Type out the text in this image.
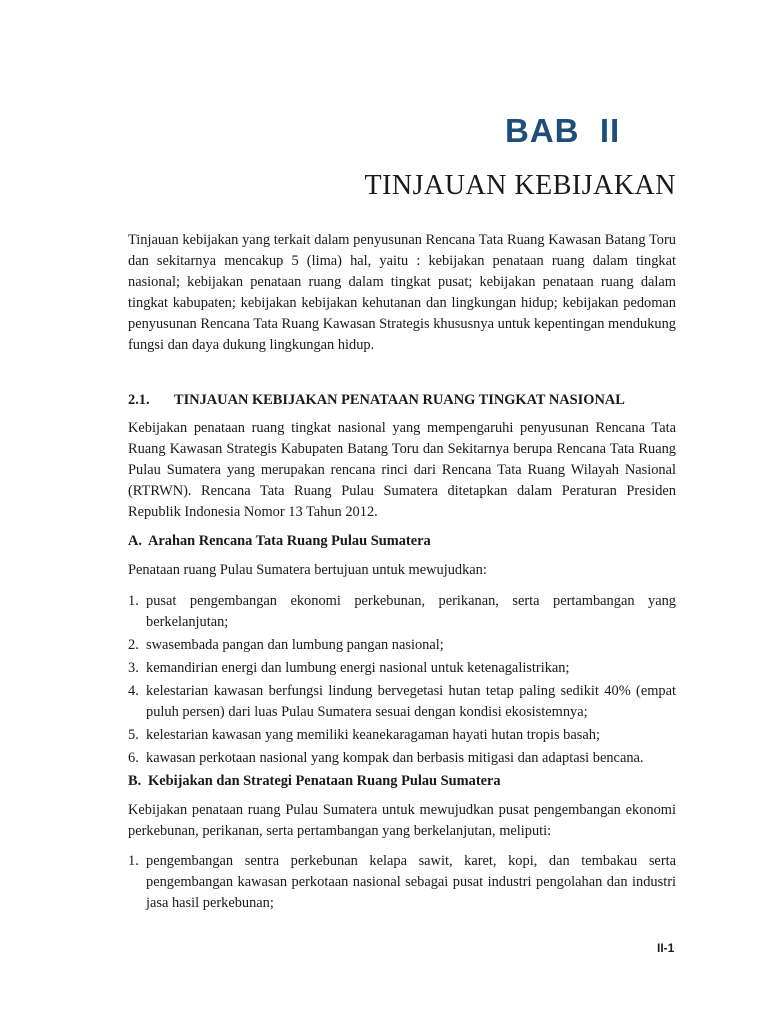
BAB  II
TINJAUAN KEBIJAKAN

Tinjauan kebijakan yang terkait dalam penyusunan Rencana Tata Ruang Kawasan Batang Toru dan sekitarnya mencakup 5 (lima) hal, yaitu : kebijakan penataan ruang dalam tingkat nasional; kebijakan penataan ruang dalam tingkat pusat; kebijakan penataan ruang dalam tingkat kabupaten; kebijakan kebijakan kehutanan dan lingkungan hidup; kebijakan pedoman penyusunan Rencana Tata Ruang Kawasan Strategis khususnya untuk kepentingan mendukung fungsi dan daya dukung lingkungan hidup.

2.1.	TINJAUAN KEBIJAKAN PENATAAN RUANG TINGKAT NASIONAL

Kebijakan penataan ruang tingkat nasional yang mempengaruhi penyusunan Rencana Tata Ruang Kawasan Strategis Kabupaten Batang Toru dan Sekitarnya berupa Rencana Tata Ruang Pulau Sumatera yang merupakan rencana rinci dari Rencana Tata Ruang Wilayah Nasional (RTRWN). Rencana Tata Ruang Pulau Sumatera ditetapkan dalam Peraturan Presiden Republik Indonesia Nomor 13 Tahun 2012.

A. Arahan Rencana Tata Ruang Pulau Sumatera

Penataan ruang Pulau Sumatera bertujuan untuk mewujudkan:

1. pusat pengembangan ekonomi perkebunan, perikanan, serta pertambangan yang berkelanjutan;
2. swasembada pangan dan lumbung pangan nasional;
3. kemandirian energi dan lumbung energi nasional untuk ketenagalistrikan;
4. kelestarian kawasan berfungsi lindung bervegetasi hutan tetap paling sedikit 40% (empat puluh persen) dari luas Pulau Sumatera sesuai dengan kondisi ekosistemnya;
5. kelestarian kawasan yang memiliki keanekaragaman hayati hutan tropis basah;
6. kawasan perkotaan nasional yang kompak dan berbasis mitigasi dan adaptasi bencana.
B. Kebijakan dan Strategi Penataan Ruang Pulau Sumatera

Kebijakan penataan ruang Pulau Sumatera untuk mewujudkan pusat pengembangan ekonomi perkebunan, perikanan, serta pertambangan yang berkelanjutan, meliputi:

1. pengembangan sentra perkebunan kelapa sawit, karet, kopi, dan tembakau serta pengembangan kawasan perkotaan nasional sebagai pusat industri pengolahan dan industri jasa hasil perkebunan;

II-1
